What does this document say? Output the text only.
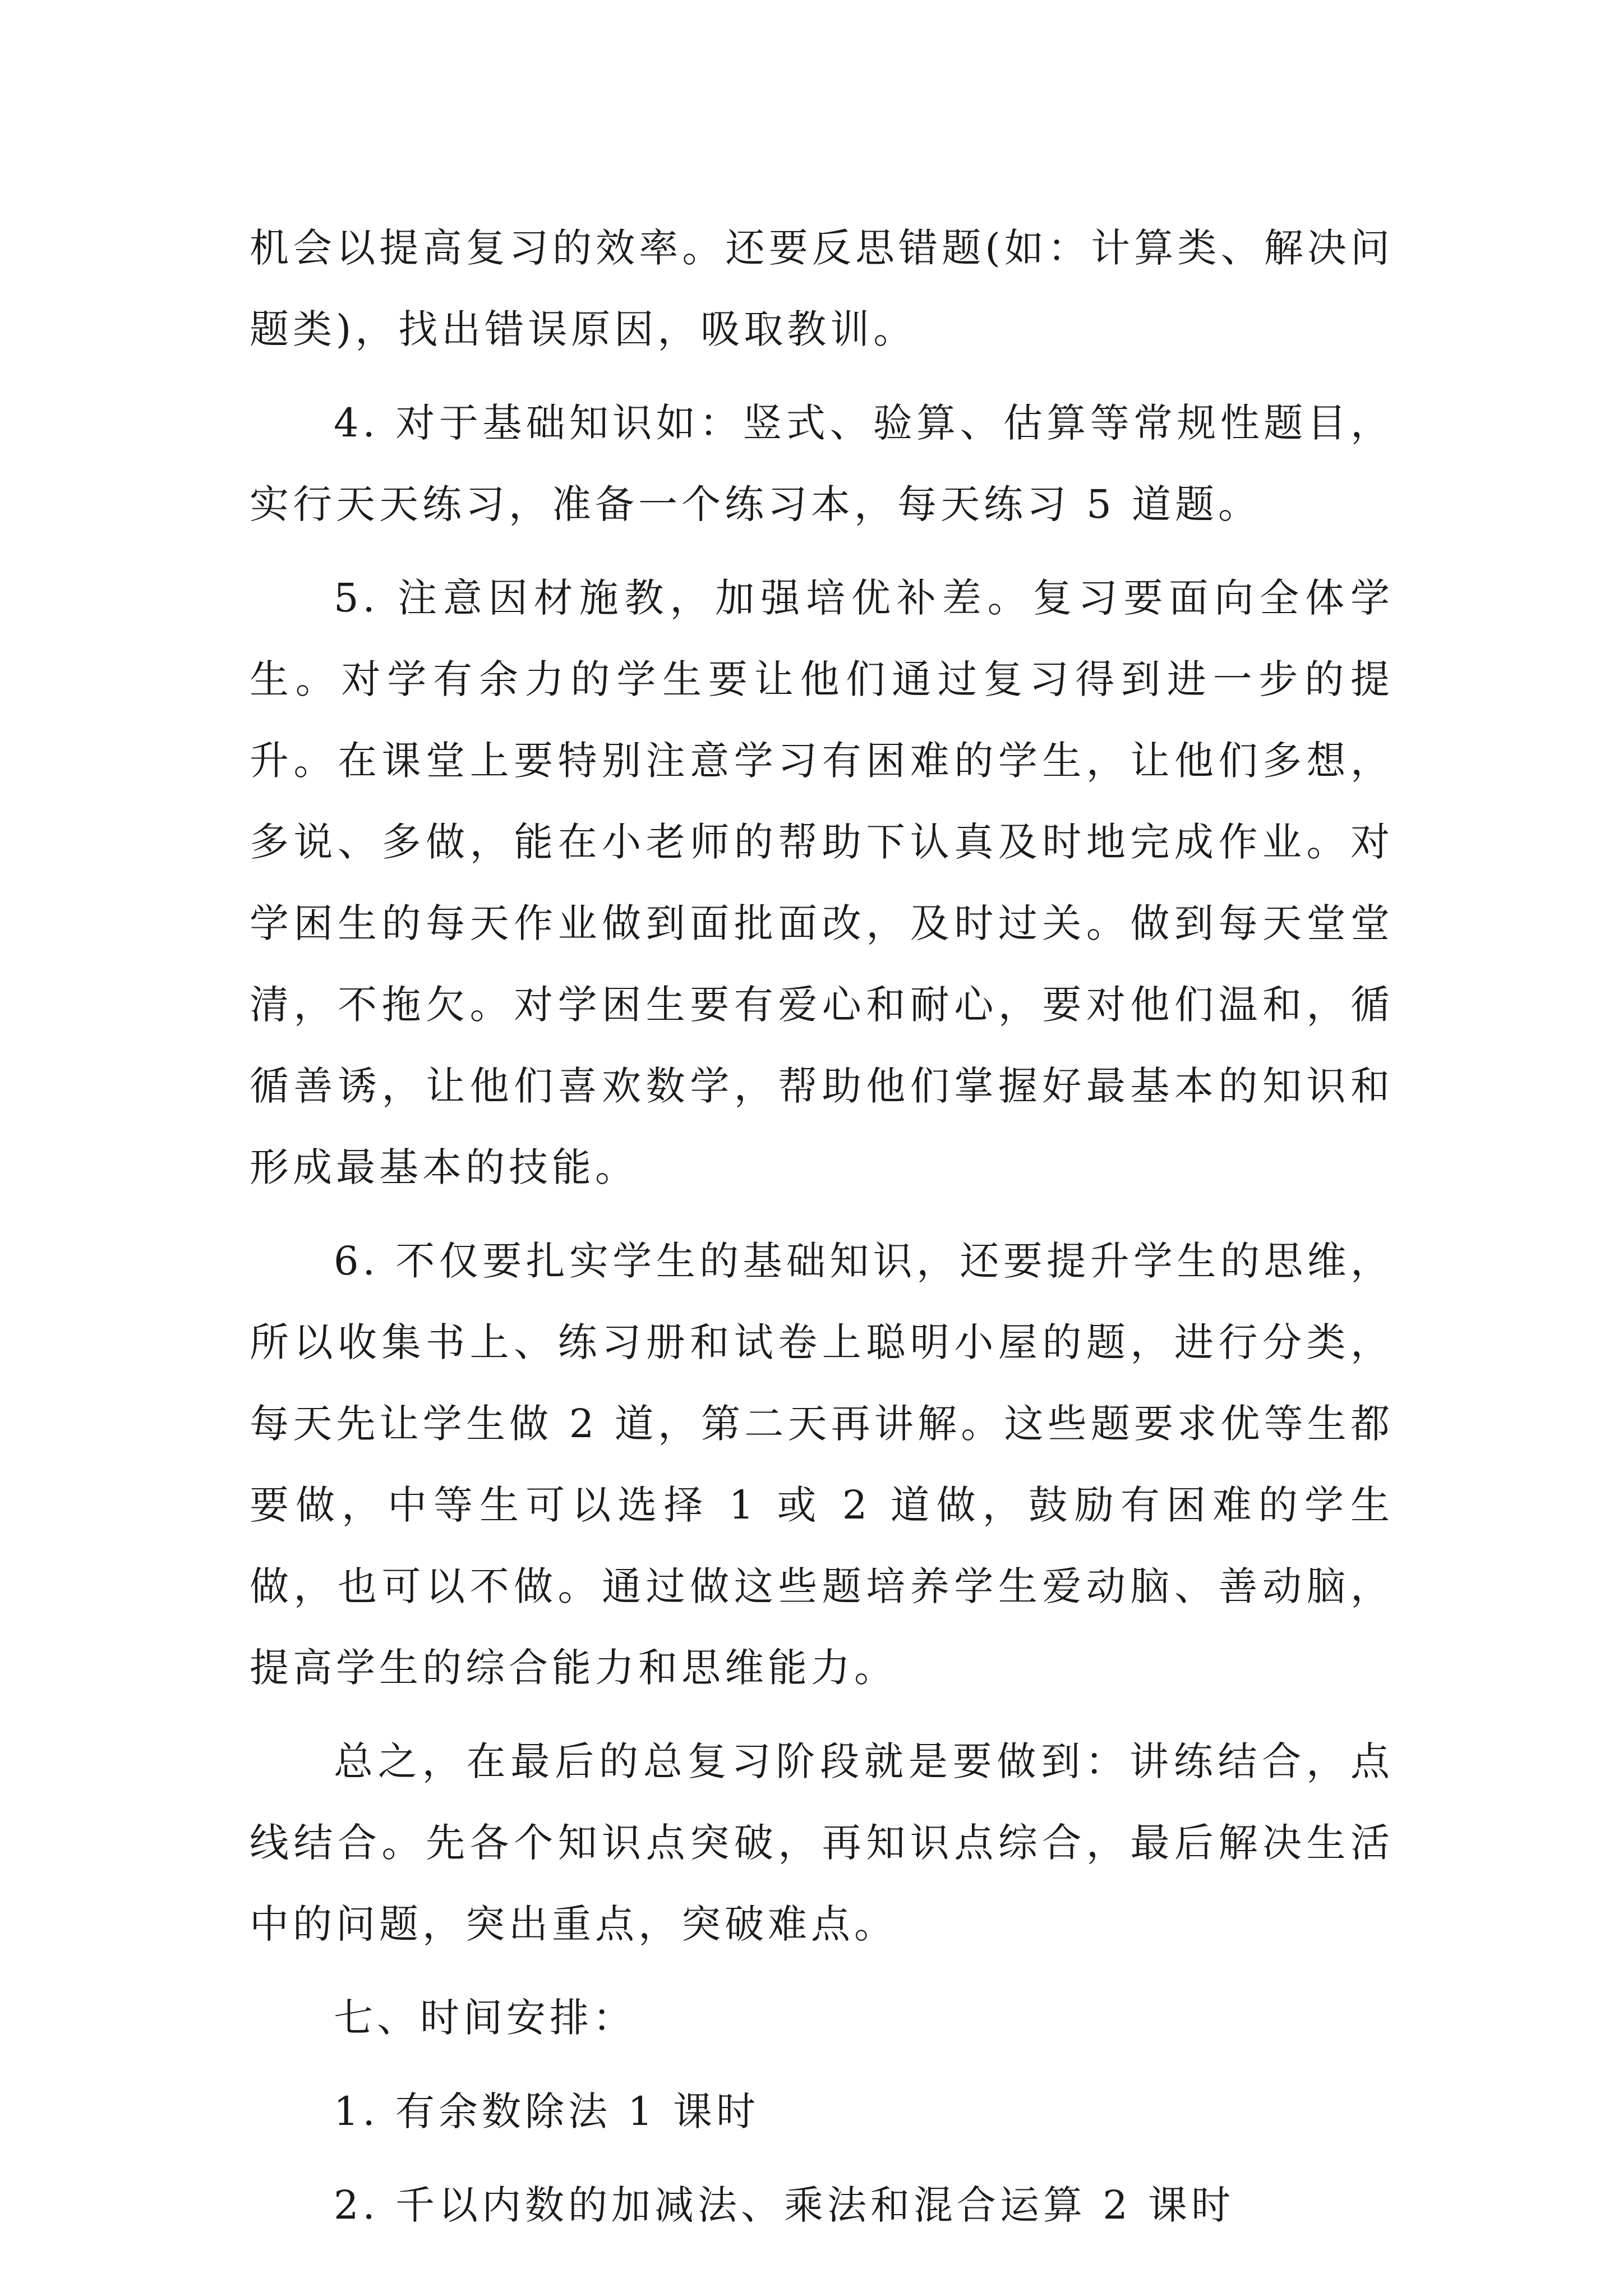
机会以提高复习的效率。还要反思错题(如：计算类、解决问题类)，找出错误原因，吸取教训。

4. 对于基础知识如：竖式、验算、估算等常规性题目，实行天天练习，准备一个练习本，每天练习 5 道题。

5. 注意因材施教，加强培优补差。复习要面向全体学生。对学有余力的学生要让他们通过复习得到进一步的提升。在课堂上要特别注意学习有困难的学生，让他们多想，多说、多做，能在小老师的帮助下认真及时地完成作业。对学困生的每天作业做到面批面改，及时过关。做到每天堂堂清，不拖欠。对学困生要有爱心和耐心，要对他们温和，循循善诱，让他们喜欢数学，帮助他们掌握好最基本的知识和形成最基本的技能。

6. 不仅要扎实学生的基础知识，还要提升学生的思维，所以收集书上、练习册和试卷上聪明小屋的题，进行分类，每天先让学生做 2 道，第二天再讲解。这些题要求优等生都要做，中等生可以选择 1 或 2 道做，鼓励有困难的学生做，也可以不做。通过做这些题培养学生爱动脑、善动脑，提高学生的综合能力和思维能力。

总之，在最后的总复习阶段就是要做到：讲练结合，点线结合。先各个知识点突破，再知识点综合，最后解决生活中的问题，突出重点，突破难点。

七、时间安排：

1. 有余数除法 1 课时

2. 千以内数的加减法、乘法和混合运算 2 课时
